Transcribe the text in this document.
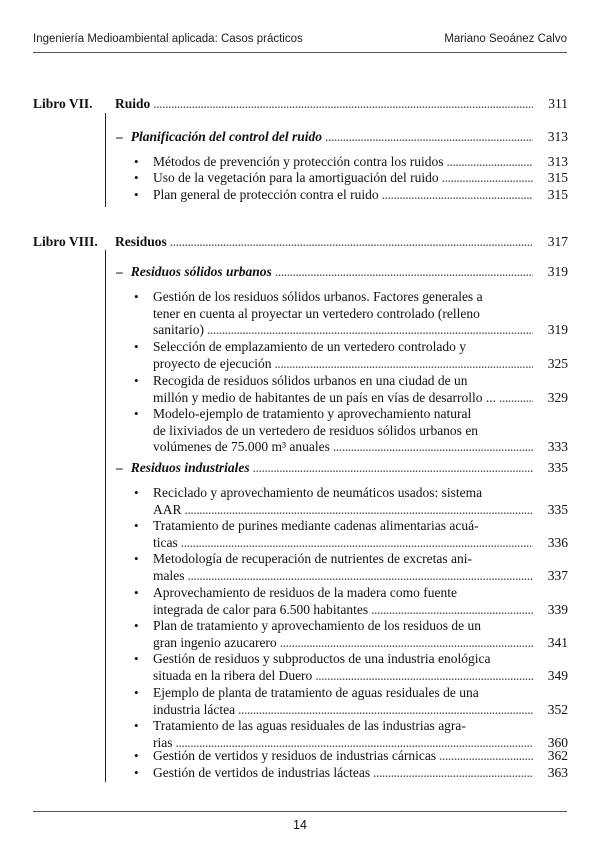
Ingeniería Medioambiental aplicada: Casos prácticos	Mariano Seoánez Calvo
Libro VII. Ruido . . .	311
– Planificación del control del ruido . . .	313
• Métodos de prevención y protección contra los ruidos . . .	313
• Uso de la vegetación para la amortiguación del ruido . . .	315
• Plan general de protección contra el ruido . . .	315
Libro VIII. Residuos . . .	317
– Residuos sólidos urbanos . . .	319
• Gestión de los residuos sólidos urbanos. Factores generales a
tener en cuenta al proyectar un vertedero controlado (relleno
sanitario) . . .	319
• Selección de emplazamiento de un vertedero controlado y
proyecto de ejecución . . .	325
• Recogida de residuos sólidos urbanos en una ciudad de un
millón y medio de habitantes de un país en vías de desarrollo ... . . .	329
• Modelo-ejemplo de tratamiento y aprovechamiento natural
de lixiviados de un vertedero de residuos sólidos urbanos en
volúmenes de 75.000 m³ anuales . . .	333
– Residuos industriales . . .	335
• Reciclado y aprovechamiento de neumáticos usados: sistema
AAR . . .	335
• Tratamiento de purines mediante cadenas alimentarias acuá-
ticas . . .	336
• Metodología de recuperación de nutrientes de excretas ani-
males . . .	337
• Aprovechamiento de residuos de la madera como fuente
integrada de calor para 6.500 habitantes . . .	339
• Plan de tratamiento y aprovechamiento de los residuos de un
gran ingenio azucarero . . .	341
• Gestión de residuos y subproductos de una industria enológica
situada en la ribera del Duero . . .	349
• Ejemplo de planta de tratamiento de aguas residuales de una
industria láctea . . .	352
• Tratamiento de las aguas residuales de las industrias agra-
rias . . .	360
• Gestión de vertidos y residuos de industrias cárnicas . . .	362
• Gestión de vertidos de industrias lácteas . . .	363
14
